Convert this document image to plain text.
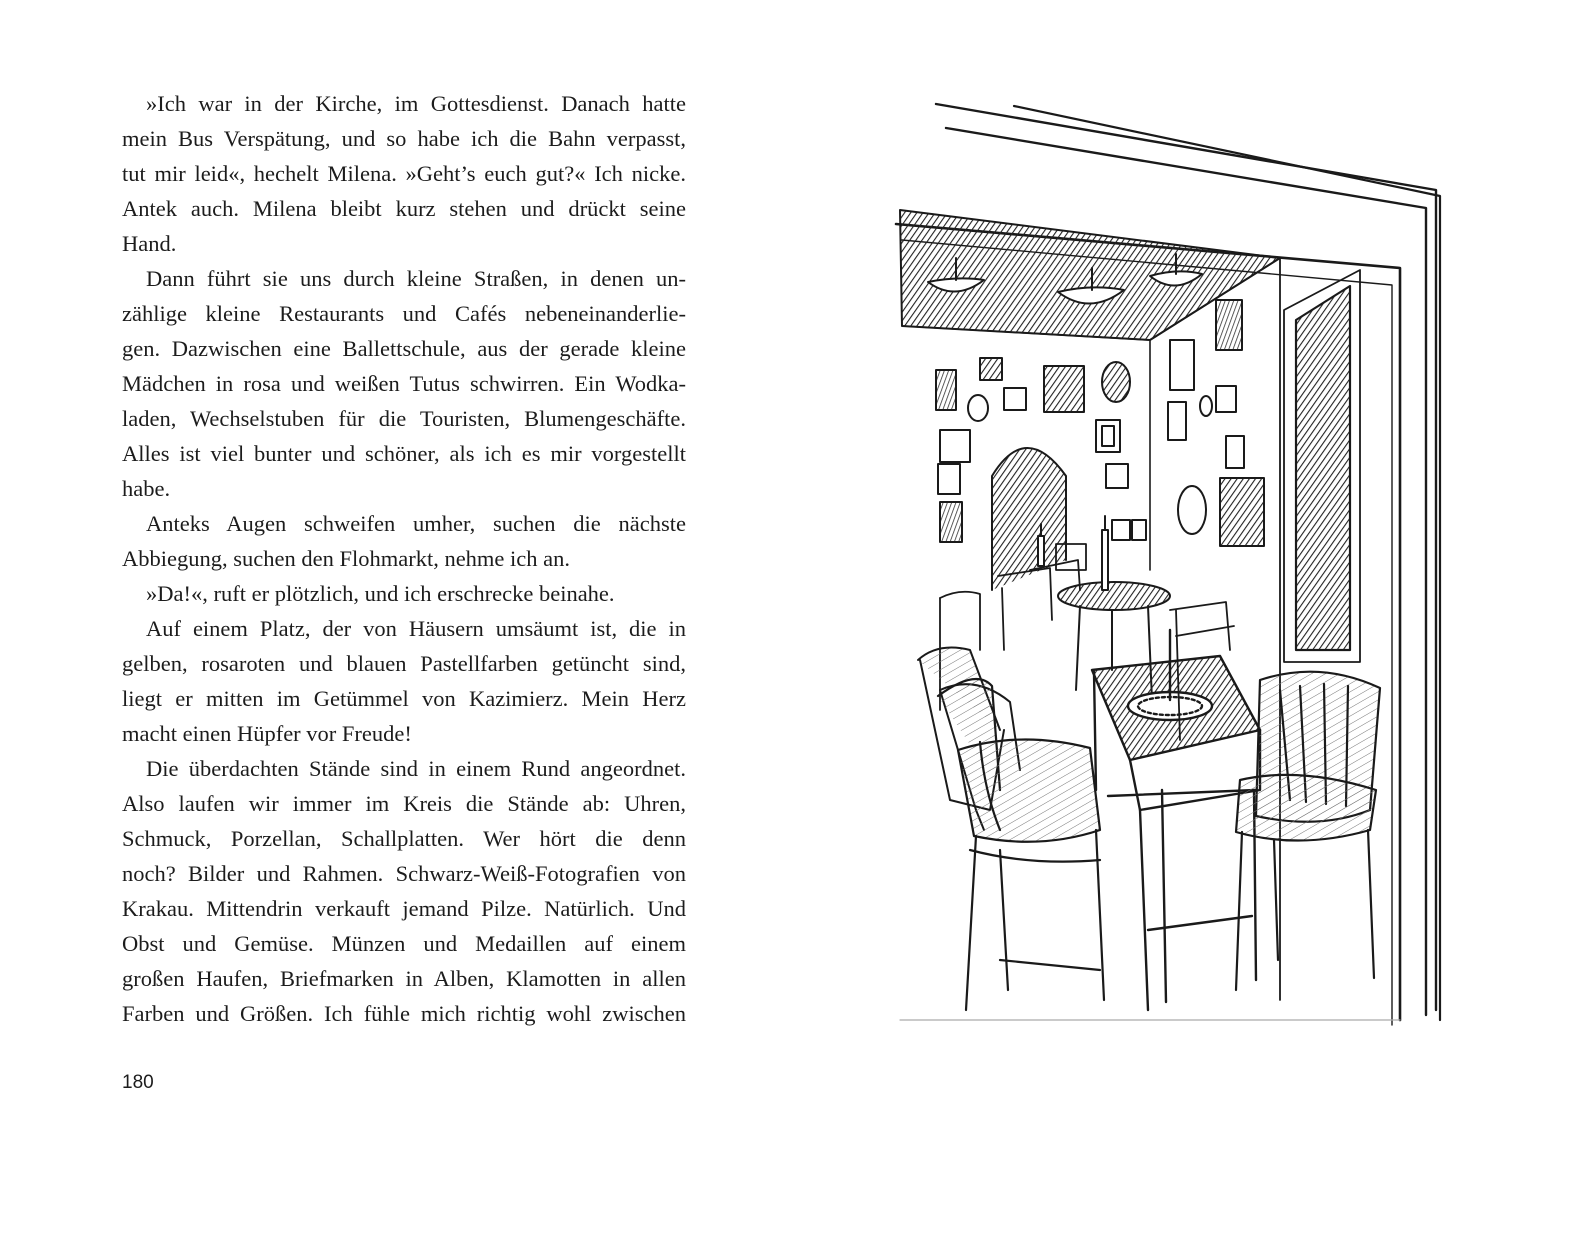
»Ich war in der Kirche, im Gottesdienst. Danach hatte
mein Bus Verspätung, und so habe ich die Bahn verpasst,
tut mir leid«, hechelt Milena. »Geht’s euch gut?« Ich nicke.
Antek auch. Milena bleibt kurz stehen und drückt seine
Hand.
Dann führt sie uns durch kleine Straßen, in denen un-
zählige kleine Restaurants und Cafés nebeneinanderlie-
gen. Dazwischen eine Ballettschule, aus der gerade kleine
Mädchen in rosa und weißen Tutus schwirren. Ein Wodka-
laden, Wechselstuben für die Touristen, Blumengeschäfte.
Alles ist viel bunter und schöner, als ich es mir vorgestellt
habe.
Anteks Augen schweifen umher, suchen die nächste
Abbiegung, suchen den Flohmarkt, nehme ich an.
»Da!«, ruft er plötzlich, und ich erschrecke beinahe.
Auf einem Platz, der von Häusern umsäumt ist, die in
gelben, rosaroten und blauen Pastellfarben getüncht sind,
liegt er mitten im Getümmel von Kazimierz. Mein Herz
macht einen Hüpfer vor Freude!
Die überdachten Stände sind in einem Rund angeordnet.
Also laufen wir immer im Kreis die Stände ab: Uhren,
Schmuck, Porzellan, Schallplatten. Wer hört die denn
noch? Bilder und Rahmen. Schwarz-Weiß-Fotografien von
Krakau. Mittendrin verkauft jemand Pilze. Natürlich. Und
Obst und Gemüse. Münzen und Medaillen auf einem
großen Haufen, Briefmarken in Alben, Klamotten in allen
Farben und Größen. Ich fühle mich richtig wohl zwischen
180
